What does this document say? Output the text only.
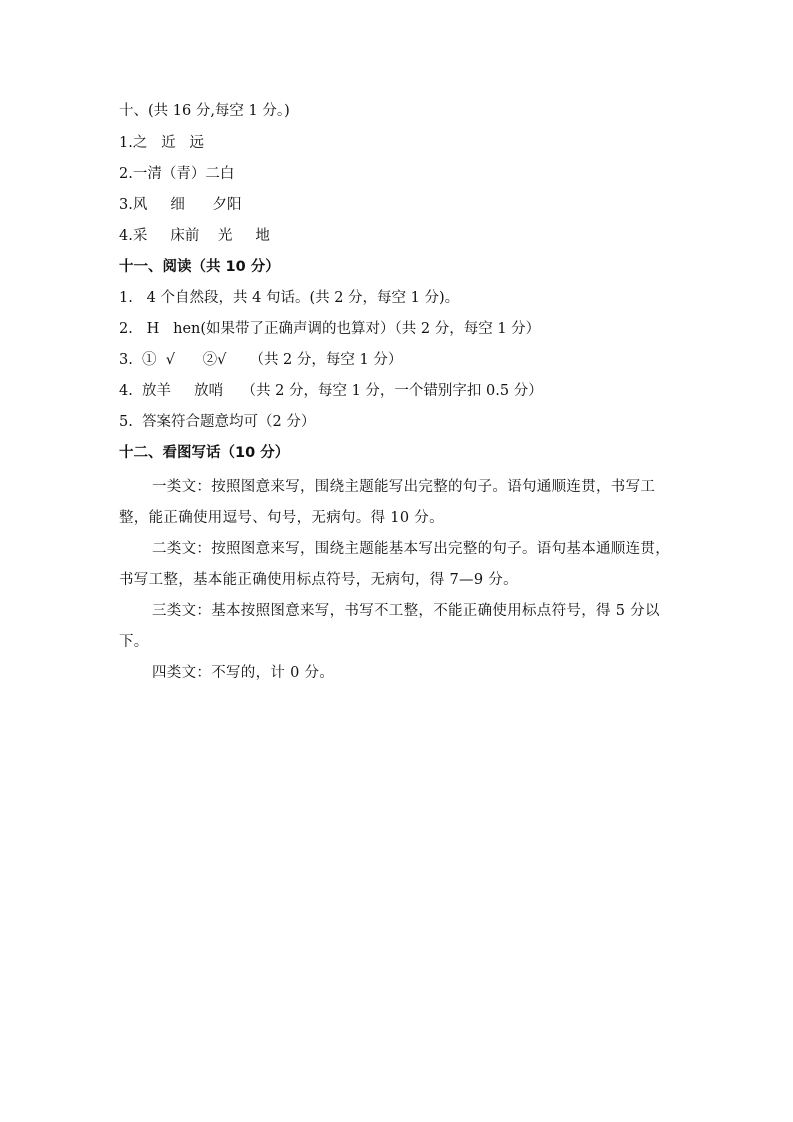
十、(共 16 分,每空 1 分。)
1.之   近   远
2.一清（青）二白
3.风     细      夕阳
4.采     床前    光     地
十一、阅读（共 10 分）
1.   4 个自然段，共 4 句话。(共 2 分，每空 1 分)。
2.   H   hen(如果带了正确声调的也算对）（共 2 分，每空 1 分）
3.  ①  √      ②√     （共 2 分，每空 1 分）
4.  放羊     放哨    （共 2 分，每空 1 分，一个错别字扣 0.5 分）
5.  答案符合题意均可（2 分）
十二、看图写话（10 分）
一类文：按照图意来写，围绕主题能写出完整的句子。语句通顺连贯，书写工整，能正确使用逗号、句号，无病句。得 10 分。
二类文：按照图意来写，围绕主题能基本写出完整的句子。语句基本通顺连贯，书写工整，基本能正确使用标点符号，无病句，得 7—9 分。
三类文：基本按照图意来写，书写不工整，不能正确使用标点符号，得 5 分以下。
四类文：不写的，计 0 分。
